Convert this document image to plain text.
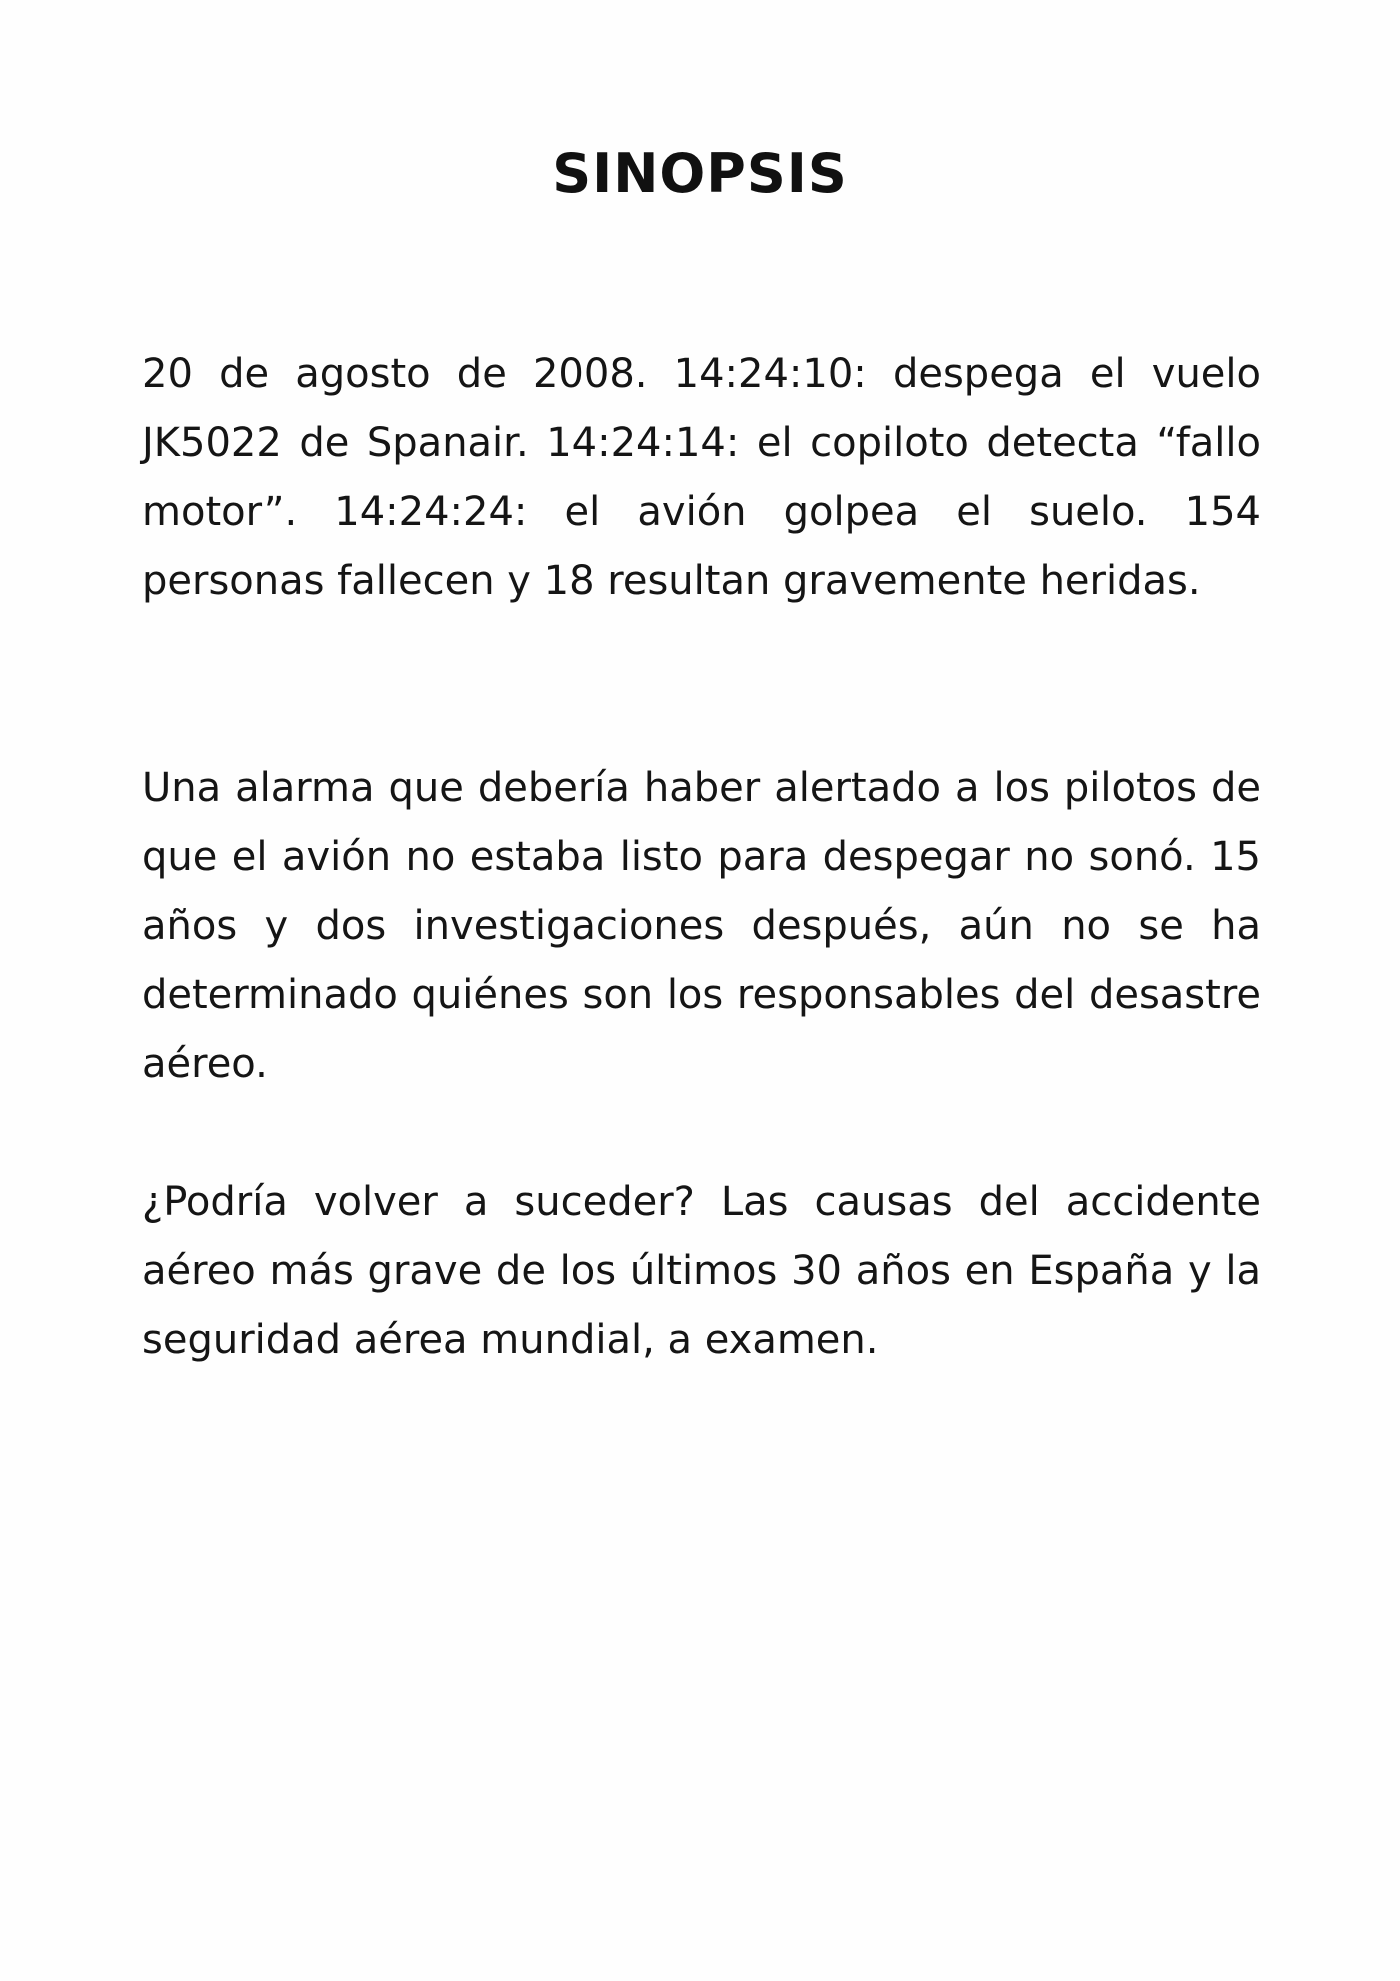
SINOPSIS

20 de agosto de 2008. 14:24:10: despega el vuelo JK5022 de Spanair. 14:24:14: el copiloto detecta “fallo motor”. 14:24:24: el avión golpea el suelo. 154 personas fallecen y 18 resultan gravemente heridas.

Una alarma que debería haber alertado a los pilotos de que el avión no estaba listo para despegar no sonó. 15 años y dos investigaciones después, aún no se ha determinado quiénes son los responsables del desastre aéreo.

¿Podría volver a suceder? Las causas del accidente aéreo más grave de los últimos 30 años en España y la seguridad aérea mundial, a examen.
